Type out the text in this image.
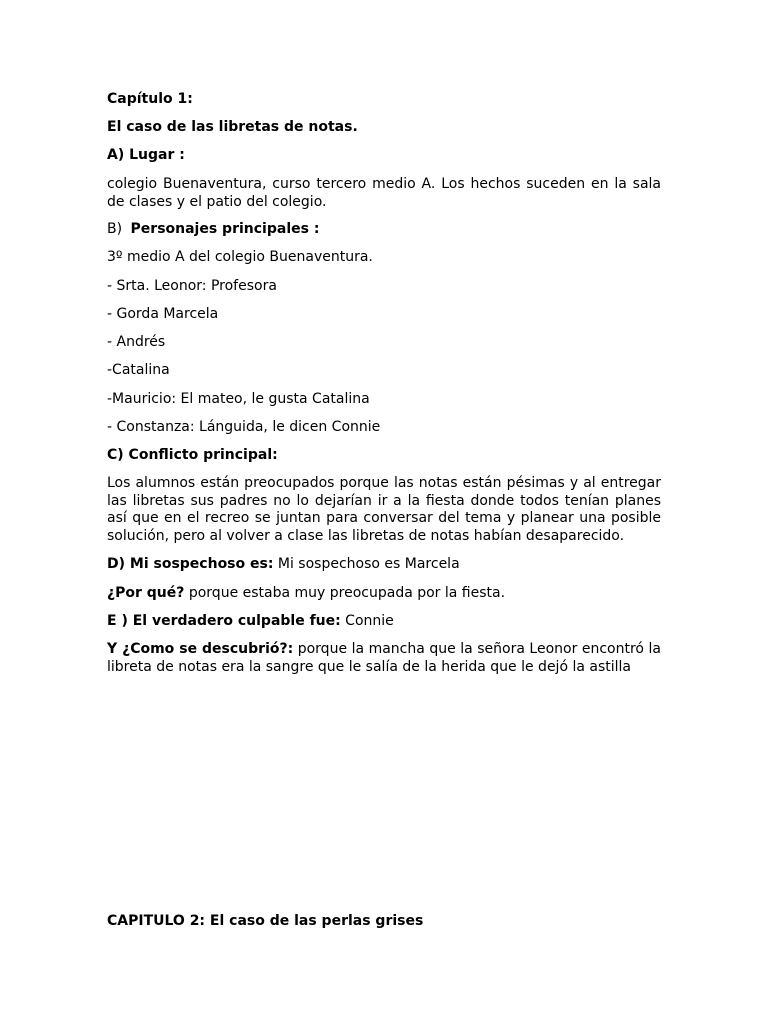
Capítulo 1:
El caso de las libretas de notas.
A) Lugar :
colegio Buenaventura, curso tercero medio A. Los hechos suceden en la sala de clases y el patio del colegio.
B) Personajes principales :
3º medio A del colegio Buenaventura.
- Srta. Leonor: Profesora
- Gorda Marcela
- Andrés
-Catalina
-Mauricio: El mateo, le gusta Catalina
- Constanza: Lánguida, le dicen Connie
C) Conflicto principal:
Los alumnos están preocupados porque las notas están pésimas y al entregar las libretas sus padres no lo dejarían ir a la fiesta donde todos tenían planes así que en el recreo se juntan para conversar del tema y planear una posible solución, pero al volver a clase las libretas de notas habían desaparecido.
D) Mi sospechoso es: Mi sospechoso es Marcela
¿Por qué? porque estaba muy preocupada por la fiesta.
E ) El verdadero culpable fue: Connie
Y ¿Como se descubrió?: porque la mancha que la señora Leonor encontró la libreta de notas era la sangre que le salía de la herida que le dejó la astilla
CAPITULO 2: El caso de las perlas grises
